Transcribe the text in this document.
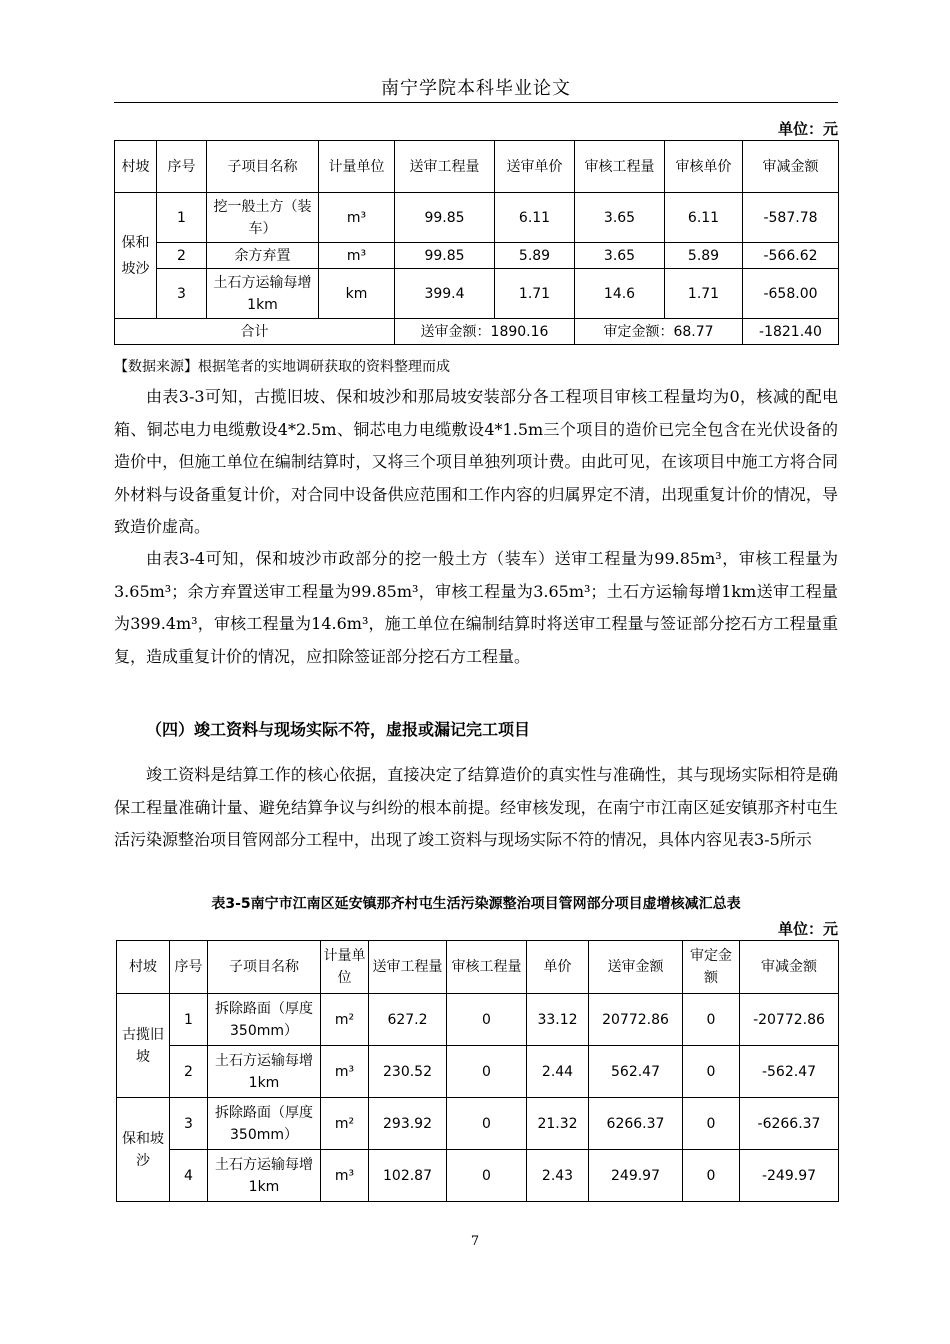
南宁学院本科毕业论文
单位：元
村坡	序号	子项目名称	计量单位	送审工程量	送审单价	审核工程量	审核单价	审减金额
保和坡沙	1	挖一般土方（装车）	m³	99.85	6.11	3.65	6.11	-587.78
	2	余方弃置	m³	99.85	5.89	3.65	5.89	-566.62
	3	土石方运输每增1km	km	399.4	1.71	14.6	1.71	-658.00
合计				送审金额：1890.16		审定金额：68.77		-1821.40
【数据来源】根据笔者的实地调研获取的资料整理而成

由表3-3可知，古揽旧坡、保和坡沙和那局坡安装部分各工程项目审核工程量均为0，核减的配电箱、铜芯电力电缆敷设4*2.5m、铜芯电力电缆敷设4*1.5m三个项目的造价已完全包含在光伏设备的造价中，但施工单位在编制结算时，又将三个项目单独列项计费。由此可见，在该项目中施工方将合同外材料与设备重复计价，对合同中设备供应范围和工作内容的归属界定不清，出现重复计价的情况，导致造价虚高。

由表3-4可知，保和坡沙市政部分的挖一般土方（装车）送审工程量为99.85m³，审核工程量为3.65m³；余方弃置送审工程量为99.85m³，审核工程量为3.65m³；土石方运输每增1km送审工程量为399.4m³，审核工程量为14.6m³，施工单位在编制结算时将送审工程量与签证部分挖石方工程量重复，造成重复计价的情况，应扣除签证部分挖石方工程量。

（四）竣工资料与现场实际不符，虚报或漏记完工项目

竣工资料是结算工作的核心依据，直接决定了结算造价的真实性与准确性，其与现场实际相符是确保工程量准确计量、避免结算争议与纠纷的根本前提。经审核发现，在南宁市江南区延安镇那齐村屯生活污染源整治项目管网部分工程中，出现了竣工资料与现场实际不符的情况，具体内容见表3-5所示

表3-5南宁市江南区延安镇那齐村屯生活污染源整治项目管网部分项目虚增核减汇总表
单位：元
村坡	序号	子项目名称	计量单位	送审工程量	审核工程量	单价	送审金额	审定金额	审减金额
古揽旧坡	1	拆除路面（厚度350mm）	m²	627.2	0	33.12	20772.86	0	-20772.86
	2	土石方运输每增1km	m³	230.52	0	2.44	562.47	0	-562.47
保和坡沙	3	拆除路面（厚度350mm）	m²	293.92	0	21.32	6266.37	0	-6266.37
	4	土石方运输每增1km	m³	102.87	0	2.43	249.97	0	-249.97
7
